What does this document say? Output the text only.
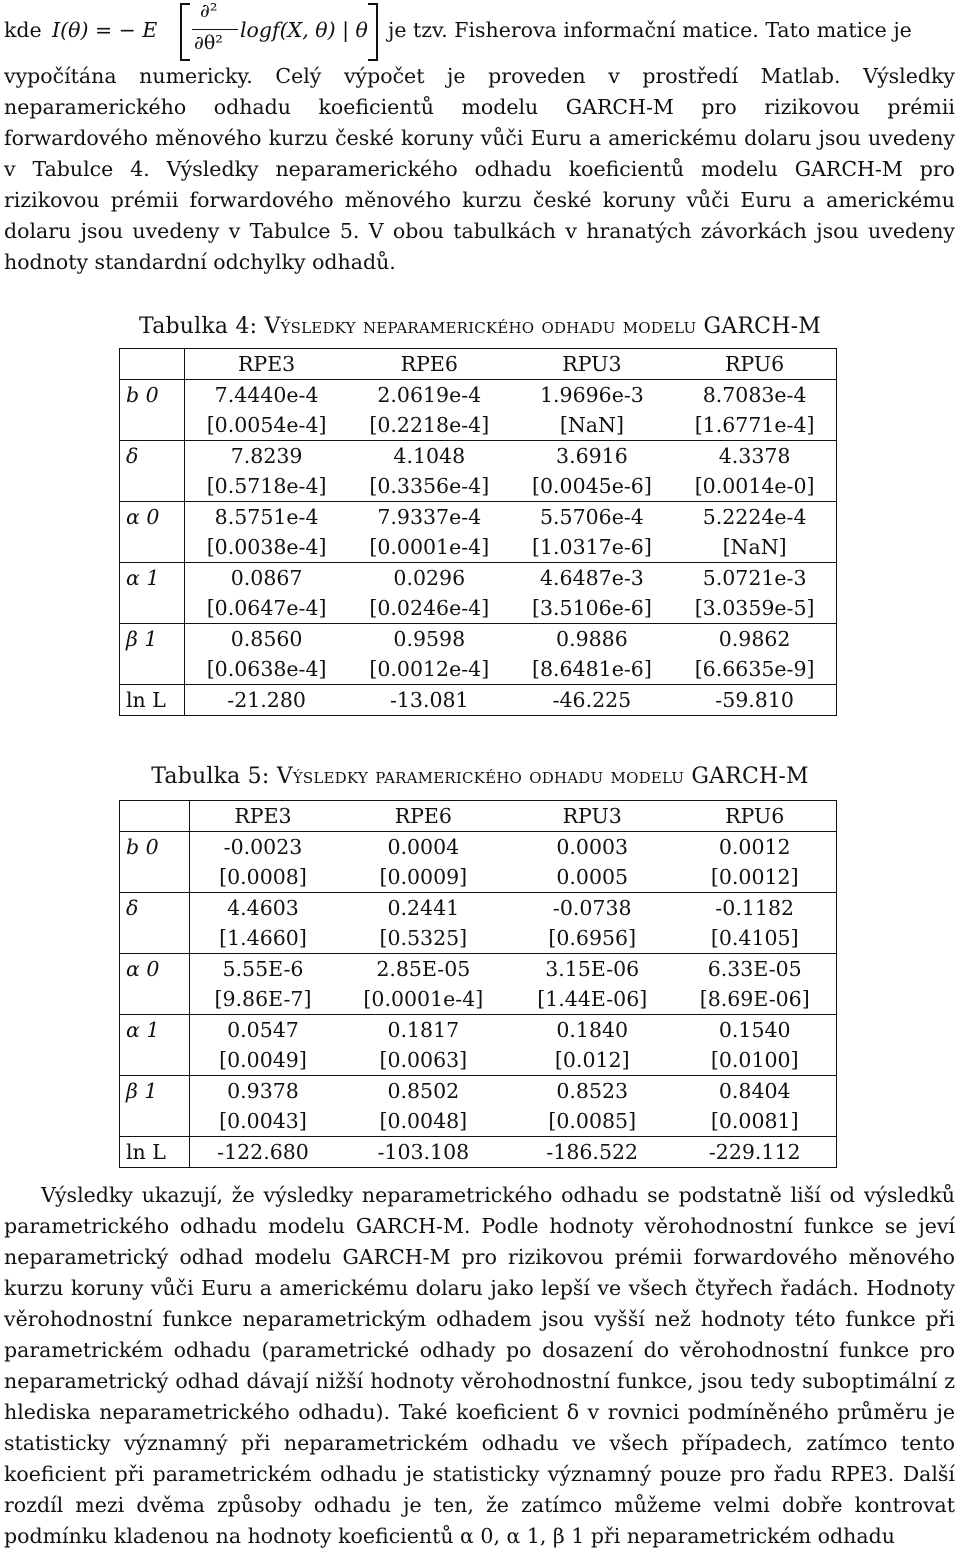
kde I(θ) = − E
∂²
∂θ²
logf(X, θ) | θ je tzv. Fisherova informační matice. Tato matice je

vypočítána numericky. Celý výpočet je proveden v prostředí Matlab. Výsledky neparamerického odhadu koeficientů modelu GARCH-M pro rizikovou prémii forwardového měnového kurzu české koruny vůči Euru a americkému dolaru jsou uvedeny v Tabulce 4. Výsledky neparamerického odhadu koeficientů modelu GARCH-M pro rizikovou prémii forwardového měnového kurzu české koruny vůči Euru a americkému dolaru jsou uvedeny v Tabulce 5. V obou tabulkách v hranatých závorkách jsou uvedeny hodnoty standardní odchylky odhadů.

Tabulka 4: Výsledky neparamerického odhadu modelu GARCH-M
	RPE3	RPE6	RPU3	RPU6
b 0	7.4440e-4	2.0619e-4	1.9696e-3	8.7083e-4
	[0.0054e-4]	[0.2218e-4]	[NaN]	[1.6771e-4]
δ	7.8239	4.1048	3.6916	4.3378
	[0.5718e-4]	[0.3356e-4]	[0.0045e-6]	[0.0014e-0]
α 0	8.5751e-4	7.9337e-4	5.5706e-4	5.2224e-4
	[0.0038e-4]	[0.0001e-4]	[1.0317e-6]	[NaN]
α 1	0.0867	0.0296	4.6487e-3	5.0721e-3
	[0.0647e-4]	[0.0246e-4]	[3.5106e-6]	[3.0359e-5]
β 1	0.8560	0.9598	0.9886	0.9862
	[0.0638e-4]	[0.0012e-4]	[8.6481e-6]	[6.6635e-9]
ln L	-21.280	-13.081	-46.225	-59.810
Tabulka 5: Výsledky paramerického odhadu modelu GARCH-M
	RPE3	RPE6	RPU3	RPU6
b 0	-0.0023	0.0004	0.0003	0.0012
	[0.0008]	[0.0009]	0.0005	[0.0012]
δ	4.4603	0.2441	-0.0738	-0.1182
	[1.4660]	[0.5325]	[0.6956]	[0.4105]
α 0	5.55E-6	2.85E-05	3.15E-06	6.33E-05
	[9.86E-7]	[0.0001e-4]	[1.44E-06]	[8.69E-06]
α 1	0.0547	0.1817	0.1840	0.1540
	[0.0049]	[0.0063]	[0.012]	[0.0100]
β 1	0.9378	0.8502	0.8523	0.8404
	[0.0043]	[0.0048]	[0.0085]	[0.0081]
ln L	-122.680	-103.108	-186.522	-229.112

Výsledky ukazují, že výsledky neparametrického odhadu se podstatně liší od výsledků parametrického odhadu modelu GARCH-M. Podle hodnoty věrohodnostní funkce se jeví neparametrický odhad modelu GARCH-M pro rizikovou prémii forwardového měnového kurzu koruny vůči Euru a americkému dolaru jako lepší ve všech čtyřech řadách. Hodnoty věrohodnostní funkce neparametrickým odhadem jsou vyšší než hodnoty této funkce při parametrickém odhadu (parametrické odhady po dosazení do věrohodnostní funkce pro neparametrický odhad dávají nižší hodnoty věrohodnostní funkce, jsou tedy suboptimální z hlediska neparametrického odhadu). Také koeficient δ v rovnici podmíněného průměru je statisticky významný při neparametrickém odhadu ve všech případech, zatímco tento koeficient při parametrickém odhadu je statisticky významný pouze pro řadu RPE3. Další rozdíl mezi dvěma způsoby odhadu je ten, že zatímco můžeme velmi dobře kontrovat podmínku kladenou na hodnoty koeficientů α 0, α 1, β 1 při neparametrickém odhadu
